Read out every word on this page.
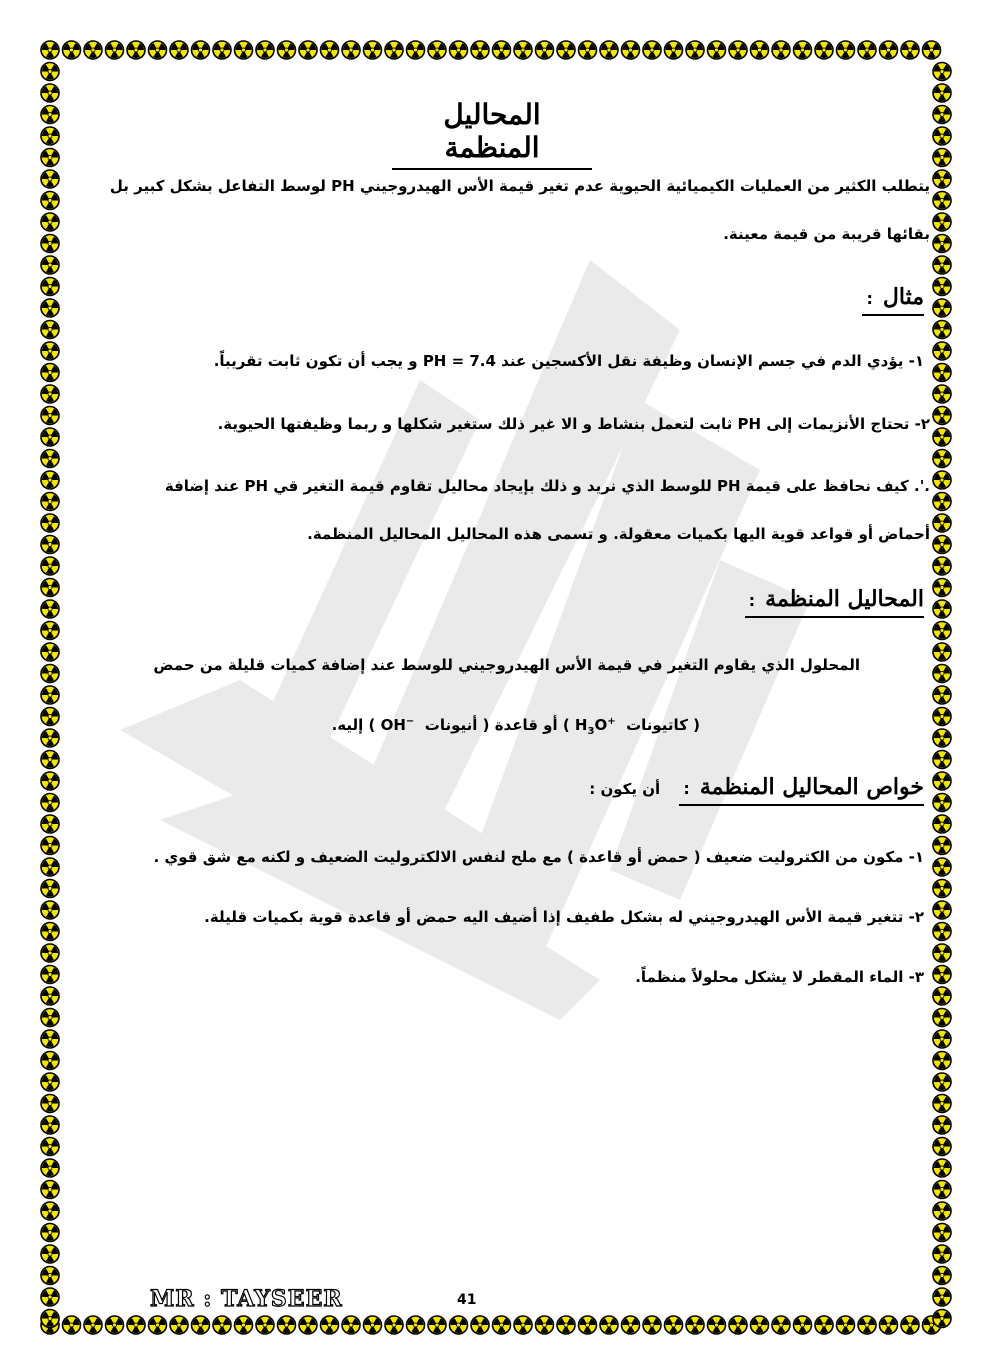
المحاليل المنظمة
يتطلب الكثير من العمليات الكيميائية الحيوية عدم تغير قيمة الأس الهيدروجيني PH لوسط التفاعل بشكل كبير بل
بقائها قريبة من قيمة معينة.
مثال:
١- يؤدي الدم في جسم الإنسان وظيفة نقل الأكسجين عند PH = 7.4 و يجب أن تكون ثابت تقريباً.
٢- تحتاج الأنزيمات إلى PH ثابت لتعمل بنشاط و الا غير ذلك ستغير شكلها و ربما وظيفتها الحيوية.
.'. كيف نحافظ على قيمة PH للوسط الذي نريد و ذلك بإيجاد محاليل تقاوم قيمة التغير قي PH عند إضافة
أحماض أو قواعد قوية اليها بكميات معقولة. و تسمى هذه المحاليل المحاليل المنظمة.
المحاليل المنظمة:
المحلول الذي يقاوم التغير في قيمة الأس الهيدروجيني للوسط عند إضافة كميات قليلة من حمض
( كاتيونات  $H_3O^+$ ) أو قاعدة ( أنيونات  OH− ) إليه.
خواص المحاليل المنظمة: أن يكون :
١- مكون من الكتروليت ضعيف ( حمض أو قاعدة ) مع ملح لنفس الالكتروليت الضعيف و لكنه مع شق قوي .
٢- تتغير قيمة الأس الهيدروجيني له بشكل طفيف إذا أضيف اليه حمض أو قاعدة قوية بكميات قليلة.
٣- الماء المقطر لا يشكل محلولاً منظماً.
MR : TAYSEER	41
